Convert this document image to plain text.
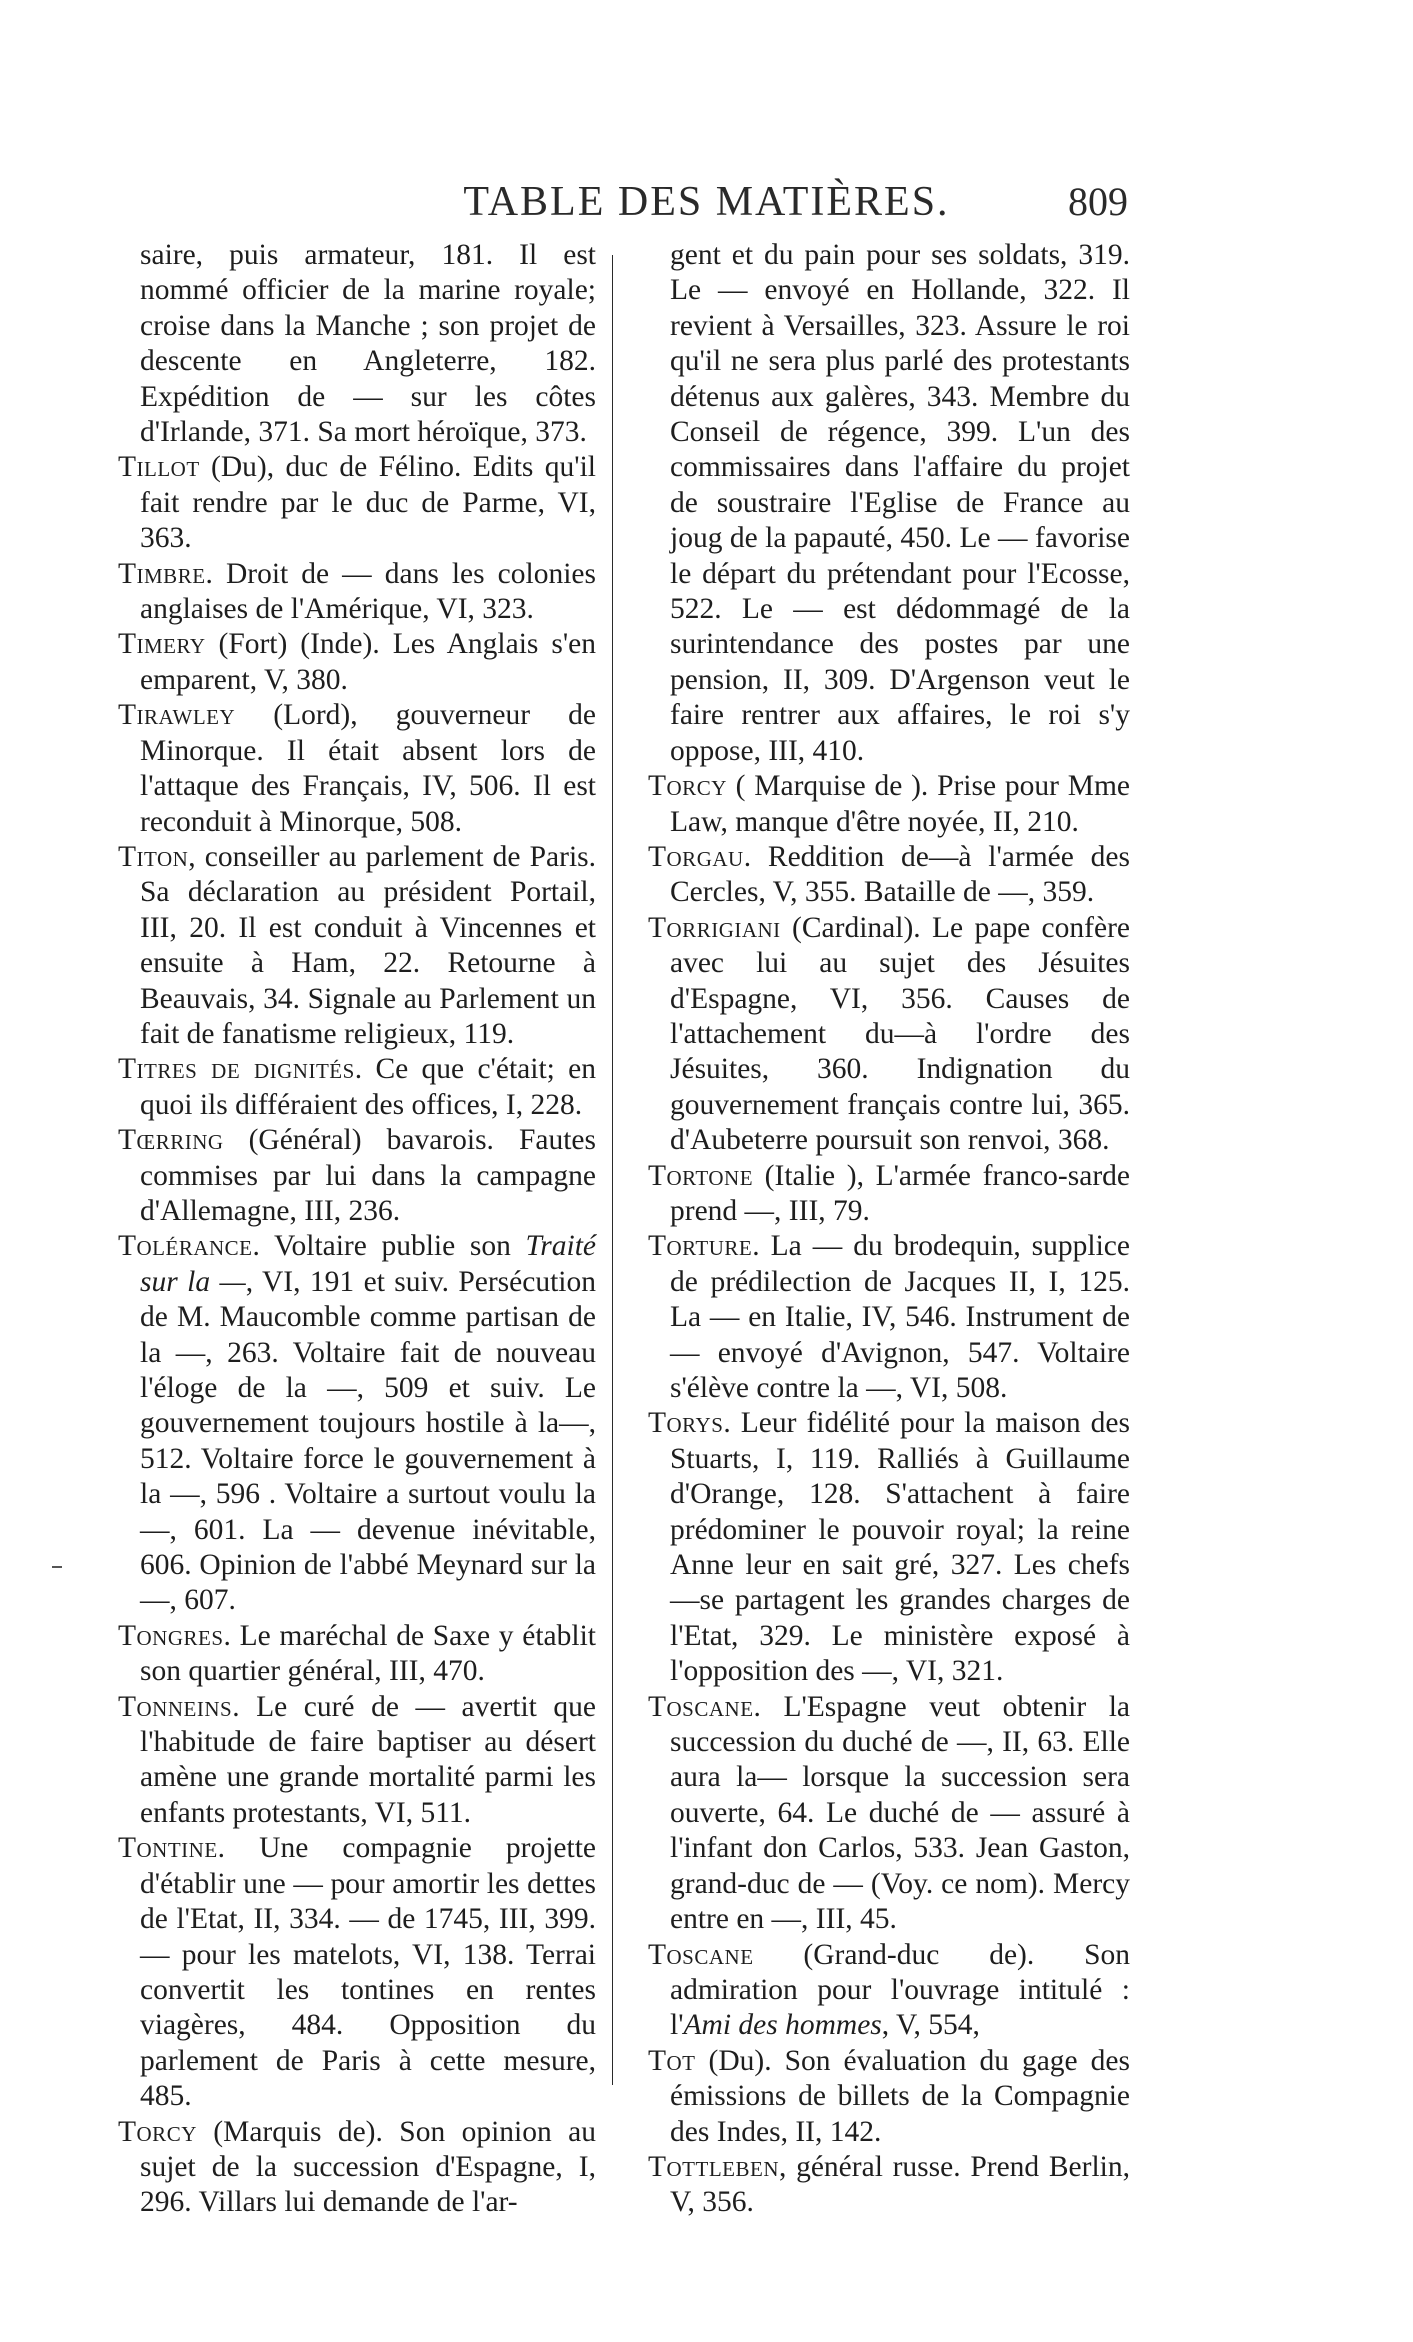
TABLE DES MATIÈRES.	809

saire, puis armateur, 181. Il est nommé officier de la marine royale; croise dans la Manche ; son projet de descente en Angleterre, 182. Expédition de — sur les côtes d'Irlande, 371. Sa mort héroïque, 373.

Tillot (Du), duc de Félino. Edits qu'il fait rendre par le duc de Parme, VI, 363.

Timbre. Droit de — dans les colonies anglaises de l'Amérique, VI, 323.

Timery (Fort) (Inde). Les Anglais s'en emparent, V, 380.

Tirawley (Lord), gouverneur de Minorque. Il était absent lors de l'attaque des Français, IV, 506. Il est reconduit à Minorque, 508.

Titon, conseiller au parlement de Paris. Sa déclaration au président Portail, III, 20. Il est conduit à Vincennes et ensuite à Ham, 22. Retourne à Beauvais, 34. Signale au Parlement un fait de fanatisme religieux, 119.

Titres de dignités. Ce que c'était; en quoi ils différaient des offices, I, 228.

Tœrring (Général) bavarois. Fautes commises par lui dans la campagne d'Allemagne, III, 236.

Tolérance. Voltaire publie son Traité sur la —, VI, 191 et suiv. Persécution de M. Maucomble comme partisan de la —, 263. Voltaire fait de nouveau l'éloge de la —, 509 et suiv. Le gouvernement toujours hostile à la—, 512. Voltaire force le gouvernement à la —, 596 . Voltaire a surtout voulu la —, 601. La — devenue inévitable, 606. Opinion de l'abbé Meynard sur la—, 607.

Tongres. Le maréchal de Saxe y établit son quartier général, III, 470.

Tonneins. Le curé de — avertit que l'habitude de faire baptiser au désert amène une grande mortalité parmi les enfants protestants, VI, 511.

Tontine. Une compagnie projette d'établir une — pour amortir les dettes de l'Etat, II, 334. — de 1745, III, 399. — pour les matelots, VI, 138. Terrai convertit les tontines en rentes viagères, 484. Opposition du parlement de Paris à cette mesure, 485.

Torcy (Marquis de). Son opinion au sujet de la succession d'Espagne, I, 296. Villars lui demande de l'ar-

gent et du pain pour ses soldats, 319. Le — envoyé en Hollande, 322. Il revient à Versailles, 323. Assure le roi qu'il ne sera plus parlé des protestants détenus aux galères, 343. Membre du Conseil de régence, 399. L'un des commissaires dans l'affaire du projet de soustraire l'Eglise de France au joug de la papauté, 450. Le — favorise le départ du prétendant pour l'Ecosse, 522. Le — est dédommagé de la surintendance des postes par une pension, II, 309. D'Argenson veut le faire rentrer aux affaires, le roi s'y oppose, III, 410.

Torcy ( Marquise de ). Prise pour Mme Law, manque d'être noyée, II, 210.

Torgau. Reddition de—à l'armée des Cercles, V, 355. Bataille de —, 359.

Torrigiani (Cardinal). Le pape confère avec lui au sujet des Jésuites d'Espagne, VI, 356. Causes de l'attachement du—à l'ordre des Jésuites, 360. Indignation du gouvernement français contre lui, 365. d'Aubeterre poursuit son renvoi, 368.

Tortone (Italie ), L'armée franco-sarde prend —, III, 79.

Torture. La — du brodequin, supplice de prédilection de Jacques II, I, 125. La — en Italie, IV, 546. Instrument de— envoyé d'Avignon, 547. Voltaire s'élève contre la —, VI, 508.

Torys. Leur fidélité pour la maison des Stuarts, I, 119. Ralliés à Guillaume d'Orange, 128. S'attachent à faire prédominer le pouvoir royal; la reine Anne leur en sait gré, 327. Les chefs—se partagent les grandes charges de l'Etat, 329. Le ministère exposé à l'opposition des —, VI, 321.

Toscane. L'Espagne veut obtenir la succession du duché de —, II, 63. Elle aura la— lorsque la succession sera ouverte, 64. Le duché de — assuré à l'infant don Carlos, 533. Jean Gaston, grand-duc de — (Voy. ce nom). Mercy entre en —, III, 45.

Toscane (Grand-duc de). Son admiration pour l'ouvrage intitulé : l'Ami des hommes, V, 554,

Tot (Du). Son évaluation du gage des émissions de billets de la Compagnie des Indes, II, 142.

Tottleben, général russe. Prend Berlin, V, 356.
